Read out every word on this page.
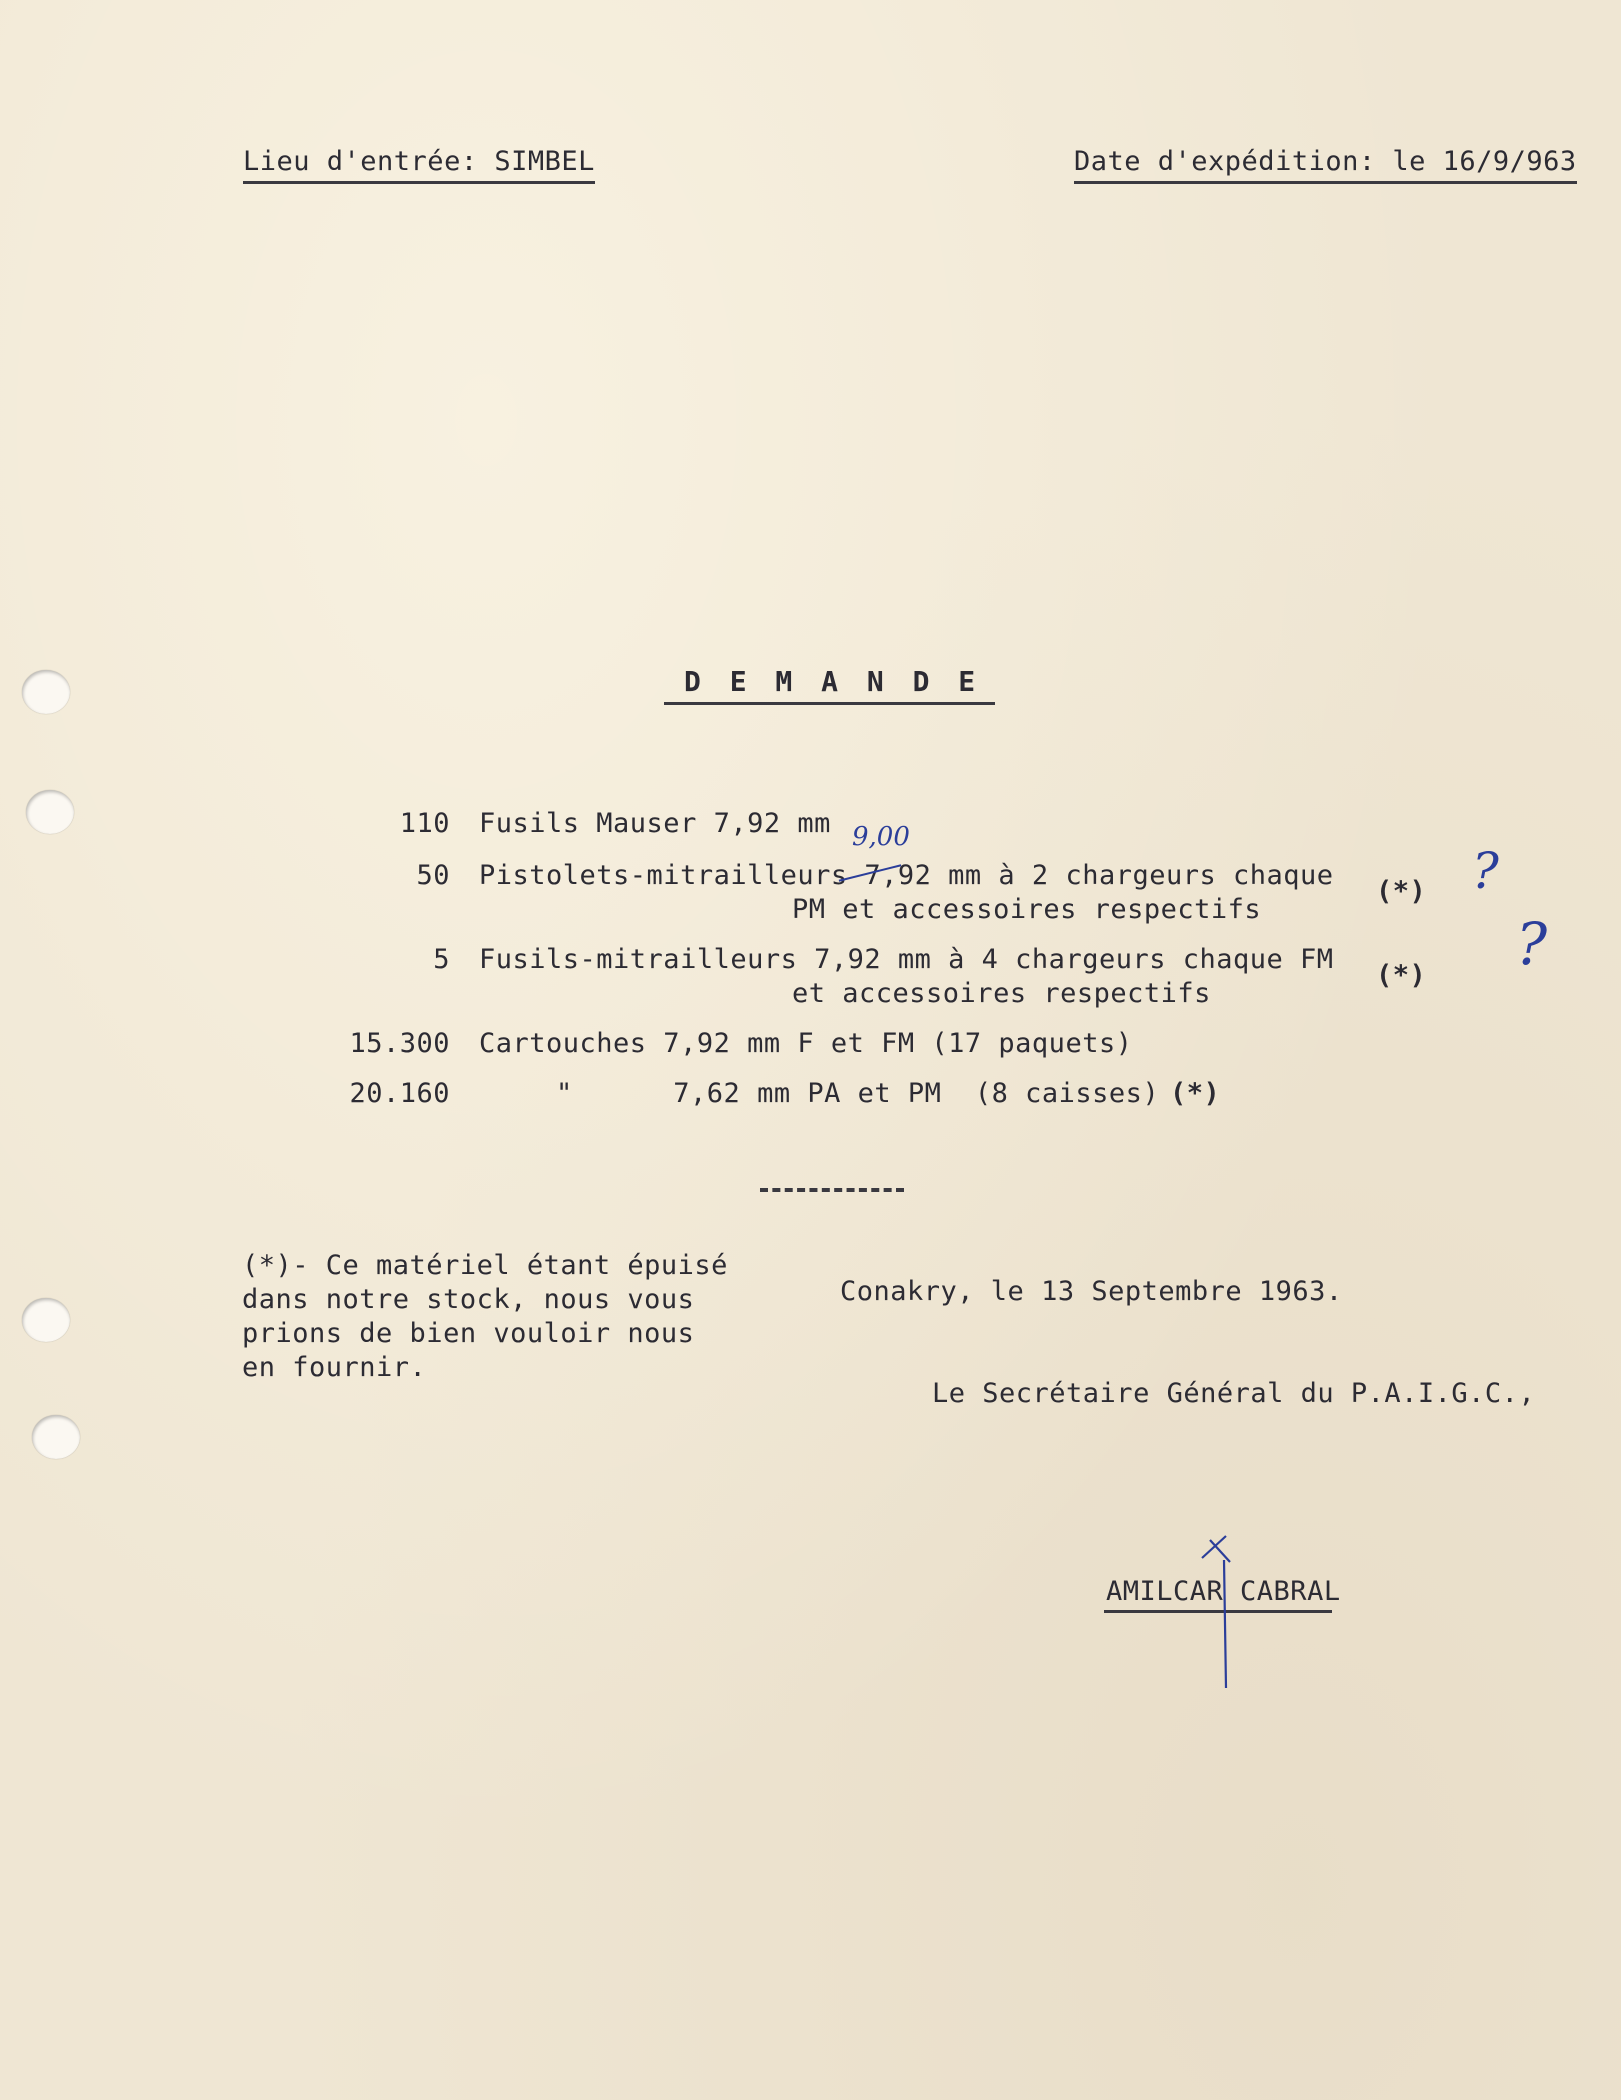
Lieu d'entrée: SIMBEL	Date d'expédition: le 16/9/963
D E M A N D E
110 Fusils Mauser 7,92 mm
50 Pistolets-mitrailleurs 7,92 mm à 2 chargeurs chaque
PM et accessoires respectifs
(*)
5 Fusils-mitrailleurs 7,92 mm à 4 chargeurs chaque FM
et accessoires respectifs
(*)
15.300 Cartouches 7,92 mm F et FM (17 paquets)
20.160	"      7,62 mm PA et PM  (8 caisses) (*)
9,00
?
?
(*)- Ce matériel étant épuisé
dans notre stock, nous vous
prions de bien vouloir nous
en fournir.
Conakry, le 13 Septembre 1963.
Le Secrétaire Général du P.A.I.G.C.,
AMILCAR CABRAL
